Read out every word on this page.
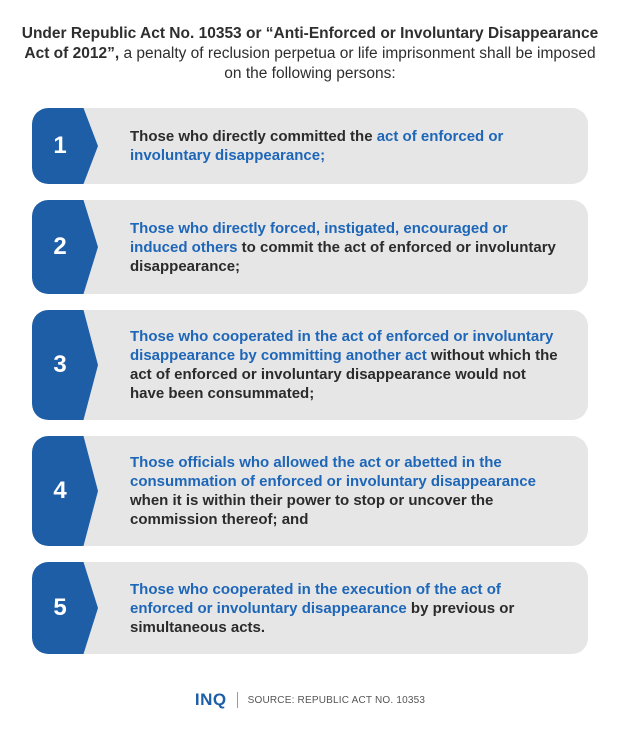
Under Republic Act No. 10353 or “Anti-Enforced or Involuntary Disappearance Act of 2012”, a penalty of reclusion perpetua or life imprisonment shall be imposed on the following persons:
1	Those who directly committed the act of enforced or involuntary disappearance;
2
Those who directly forced, instigated, encouraged or induced others to commit the act of enforced or involuntary disappearance;
3
Those who cooperated in the act of enforced or involuntary disappearance by committing another act without which the act of enforced or involuntary disappearance would not have been consummated;
4
Those officials who allowed the act or abetted in the consummation of enforced or involuntary disappearance when it is within their power to stop or uncover the commission thereof; and
5
Those who cooperated in the execution of the act of enforced or involuntary disappearance by previous or simultaneous acts.
INQ SOURCE: REPUBLIC ACT NO. 10353
